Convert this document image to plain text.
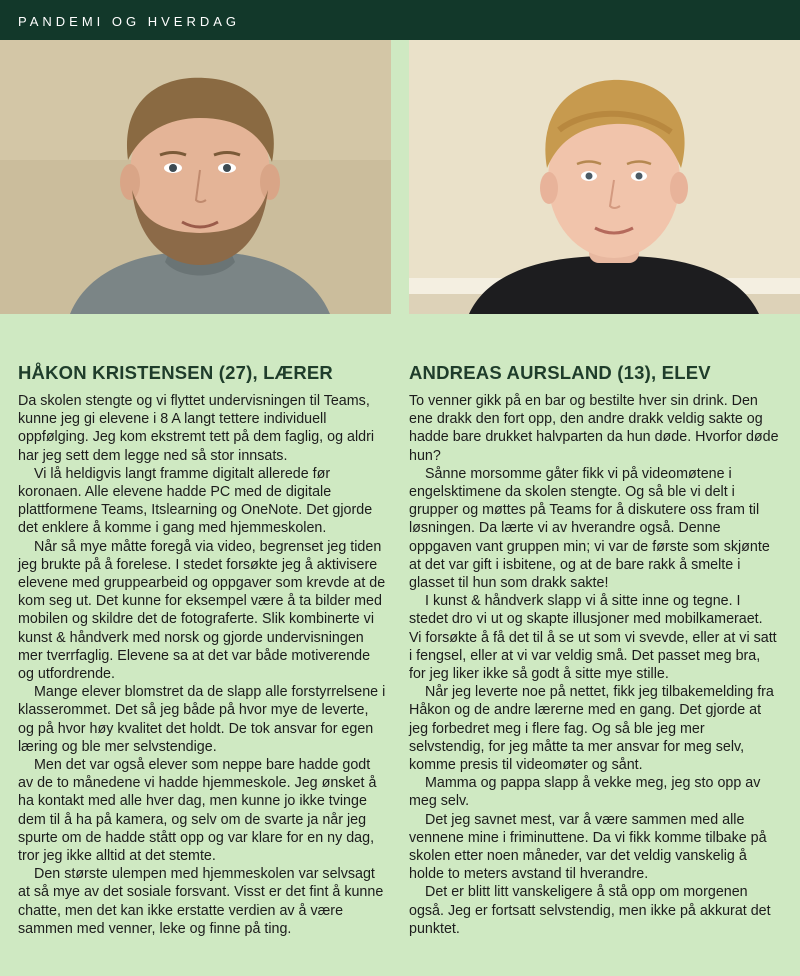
PANDEMI OG HVERDAG
HÅKON KRISTENSEN (27), LÆRER

Da skolen stengte og vi flyttet undervisningen til Teams, kunne jeg gi elevene i 8 A langt tettere individuell oppfølging. Jeg kom ekstremt tett på dem faglig, og aldri har jeg sett dem legge ned så stor innsats.

Vi lå heldigvis langt framme digitalt allerede før koronaen. Alle elevene hadde PC med de digitale plattformene Teams, Itslearning og OneNote. Det gjorde det enklere å komme i gang med hjemmeskolen.

Når så mye måtte foregå via video, begrenset jeg tiden jeg brukte på å forelese. I stedet forsøkte jeg å aktivisere elevene med gruppearbeid og oppgaver som krevde at de kom seg ut. Det kunne for eksempel være å ta bilder med mobilen og skildre det de fotograferte. Slik kombinerte vi kunst & håndverk med norsk og gjorde undervisningen mer tverrfaglig. Elevene sa at det var både motiverende og utfordrende.

Mange elever blomstret da de slapp alle forstyrrelsene i klasserommet. Det så jeg både på hvor mye de leverte, og på hvor høy kvalitet det holdt. De tok ansvar for egen læring og ble mer selvstendige.

Men det var også elever som neppe bare hadde godt av de to månedene vi hadde hjemmeskole. Jeg ønsket å ha kontakt med alle hver dag, men kunne jo ikke tvinge dem til å ha på kamera, og selv om de svarte ja når jeg spurte om de hadde stått opp og var klare for en ny dag, tror jeg ikke alltid at det stemte.

Den største ulempen med hjemmeskolen var selvsagt at så mye av det sosiale forsvant. Visst er det fint å kunne chatte, men det kan ikke erstatte verdien av å være sammen med venner, leke og finne på ting.

ANDREAS AURSLAND (13), ELEV

To venner gikk på en bar og bestilte hver sin drink. Den ene drakk den fort opp, den andre drakk veldig sakte og hadde bare drukket halvparten da hun døde. Hvorfor døde hun?

Sånne morsomme gåter fikk vi på videomøtene i engelsktimene da skolen stengte. Og så ble vi delt i grupper og møttes på Teams for å diskutere oss fram til løsningen. Da lærte vi av hverandre også. Denne oppgaven vant gruppen min; vi var de første som skjønte at det var gift i isbitene, og at de bare rakk å smelte i glasset til hun som drakk sakte!

I kunst & håndverk slapp vi å sitte inne og tegne. I stedet dro vi ut og skapte illusjoner med mobilkameraet. Vi forsøkte å få det til å se ut som vi svevde, eller at vi satt i fengsel, eller at vi var veldig små. Det passet meg bra, for jeg liker ikke så godt å sitte mye stille.

Når jeg leverte noe på nettet, fikk jeg tilbakemelding fra Håkon og de andre lærerne med en gang. Det gjorde at jeg forbedret meg i flere fag. Og så ble jeg mer selvstendig, for jeg måtte ta mer ansvar for meg selv, komme presis til videomøter og sånt.

Mamma og pappa slapp å vekke meg, jeg sto opp av meg selv.

Det jeg savnet mest, var å være sammen med alle vennene mine i friminuttene. Da vi fikk komme tilbake på skolen etter noen måneder, var det veldig vanskelig å holde to meters avstand til hverandre.

Det er blitt litt vanskeligere å stå opp om morgenen også. Jeg er fortsatt selvstendig, men ikke på akkurat det punktet.
